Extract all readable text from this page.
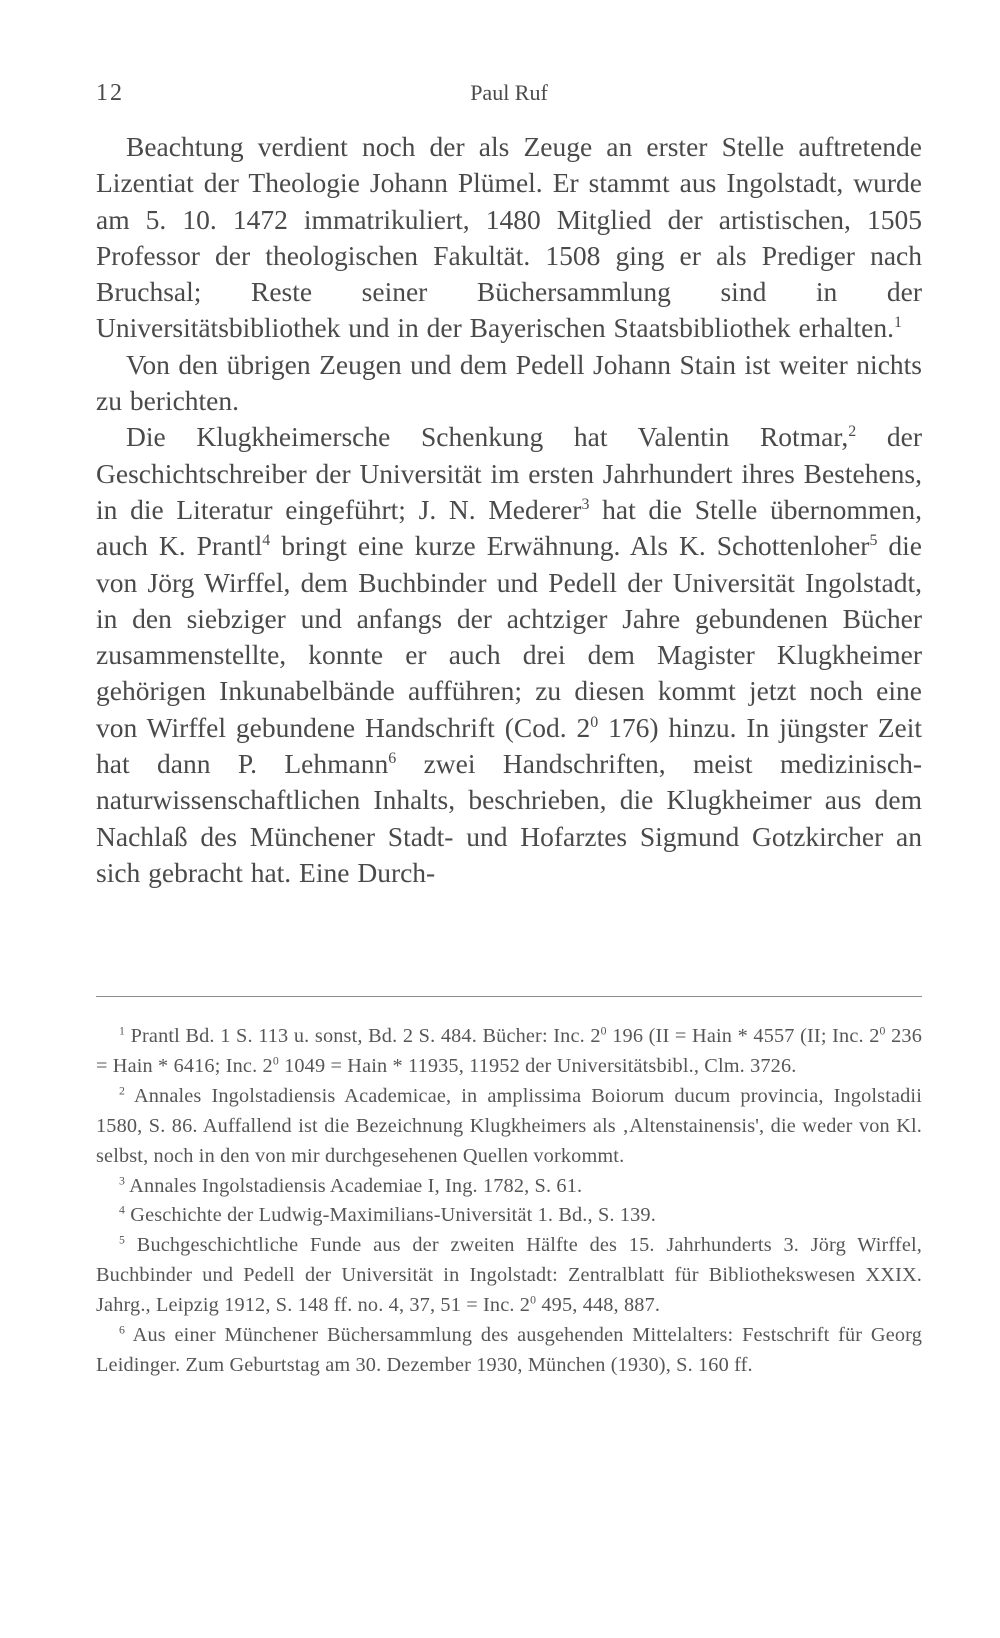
12	Paul Ruf

Beachtung verdient noch der als Zeuge an erster Stelle auftretende Lizentiat der Theologie Johann Plümel. Er stammt aus Ingolstadt, wurde am 5. 10. 1472 immatrikuliert, 1480 Mitglied der artistischen, 1505 Professor der theologischen Fakultät. 1508 ging er als Prediger nach Bruchsal; Reste seiner Büchersammlung sind in der Universitätsbibliothek und in der Bayerischen Staatsbibliothek erhalten.$^1$

Von den übrigen Zeugen und dem Pedell Johann Stain ist weiter nichts zu berichten.

Die Klugkheimersche Schenkung hat Valentin Rotmar,$^2$ der Geschichtschreiber der Universität im ersten Jahrhundert ihres Bestehens, in die Literatur eingeführt; J. N. Mederer$^3$ hat die Stelle übernommen, auch K. Prantl$^4$ bringt eine kurze Erwähnung. Als K. Schottenloher$^5$ die von Jörg Wirffel, dem Buchbinder und Pedell der Universität Ingolstadt, in den siebziger und anfangs der achtziger Jahre gebundenen Bücher zusammenstellte, konnte er auch drei dem Magister Klugkheimer gehörigen Inkunabelbände aufführen; zu diesen kommt jetzt noch eine von Wirffel gebundene Handschrift (Cod. $2^0$ 176) hinzu. In jüngster Zeit hat dann P. Lehmann$^6$ zwei Handschriften, meist medizinisch-naturwissenschaftlichen Inhalts, beschrieben, die Klugkheimer aus dem Nachlaß des Münchener Stadt- und Hofarztes Sigmund Gotzkircher an sich gebracht hat. Eine Durch-

$^1$ Prantl Bd. 1 S. 113 u. sonst, Bd. 2 S. 484. Bücher: Inc. $2^0$ 196 (II = Hain * 4557 (II; Inc. $2^0$ 236 = Hain * 6416; Inc. $2^0$ 1049 = Hain * 11935, 11952 der Universitätsbibl., Clm. 3726.

$^2$ Annales Ingolstadiensis Academicae, in amplissima Boiorum ducum provincia, Ingolstadii 1580, S. 86. Auffallend ist die Bezeichnung Klugkheimers als ‚Altenstainensis', die weder von Kl. selbst, noch in den von mir durchgesehenen Quellen vorkommt.

$^3$ Annales Ingolstadiensis Academiae I, Ing. 1782, S. 61.

$^4$ Geschichte der Ludwig-Maximilians-Universität 1. Bd., S. 139.

$^5$ Buchgeschichtliche Funde aus der zweiten Hälfte des 15. Jahrhunderts 3. Jörg Wirffel, Buchbinder und Pedell der Universität in Ingolstadt: Zentralblatt für Bibliothekswesen XXIX. Jahrg., Leipzig 1912, S. 148 ff. no. 4, 37, 51 = Inc. $2^0$ 495, 448, 887.

$^6$ Aus einer Münchener Büchersammlung des ausgehenden Mittelalters: Festschrift für Georg Leidinger. Zum Geburtstag am 30. Dezember 1930, München (1930), S. 160 ff.
